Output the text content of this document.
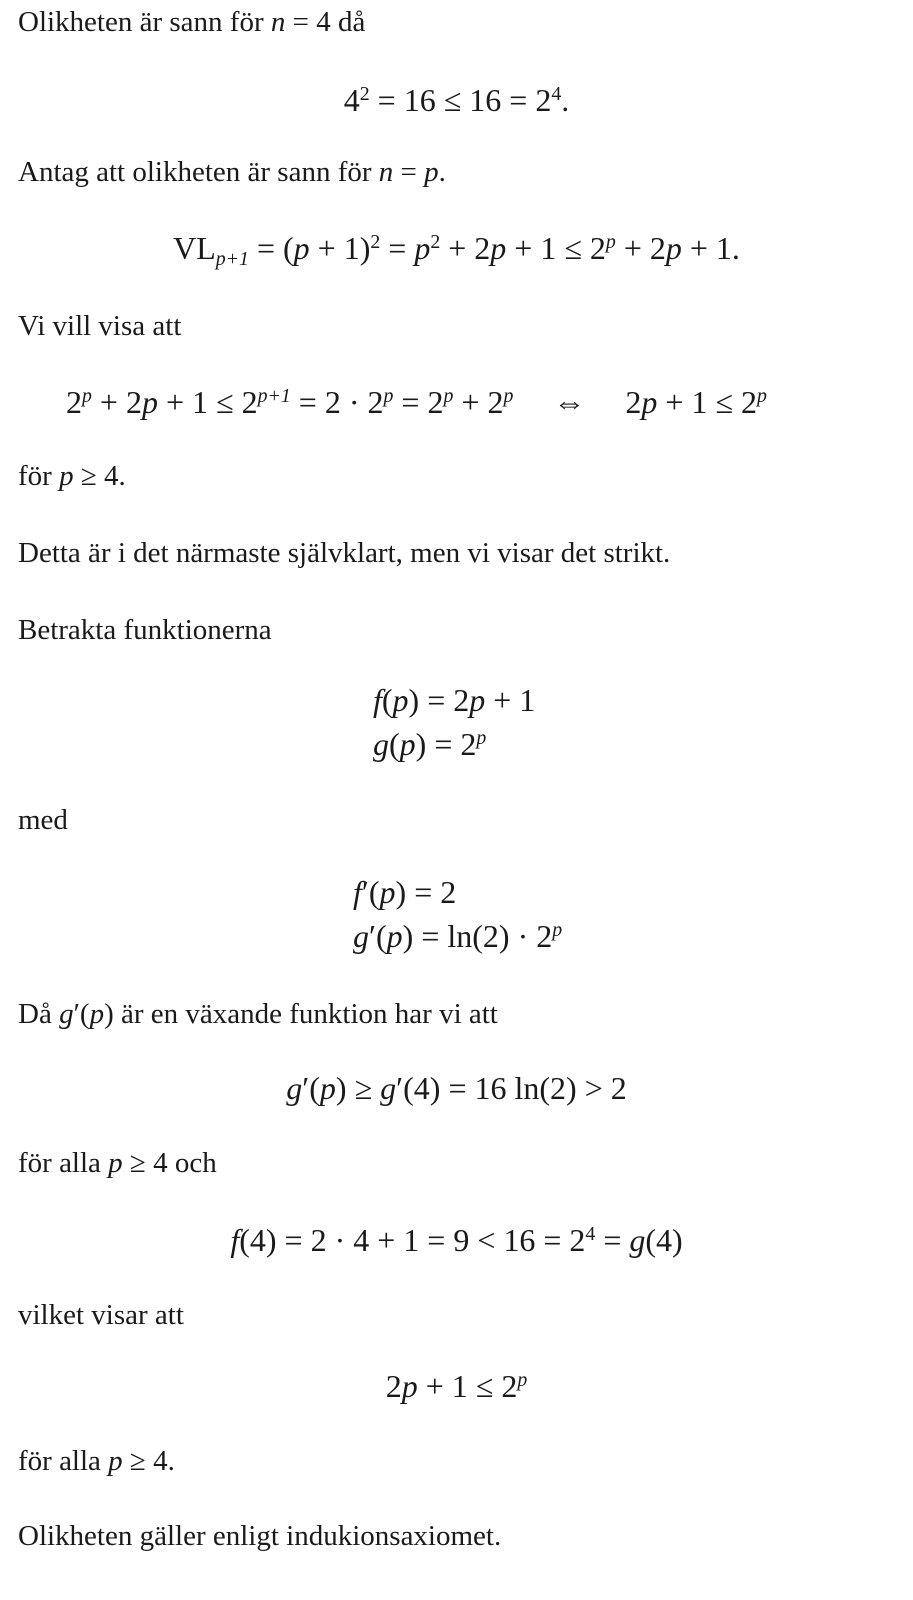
Olikheten är sann för n = 4 då
$4^2 = 16 \le 16 = 2^4$.
Antag att olikheten är sann för n = p.
$VL_{p+1} = (p + 1)^2 = p^2 + 2p + 1 \le 2^p + 2p + 1$.
Vi vill visa att
$2^p + 2p + 1 \le 2^{p+1} = 2 \cdot 2^p = 2^p + 2^p$ ⇔ $2p + 1 \le 2^p$
för p ≥ 4.
Detta är i det närmaste självklart, men vi visar det strikt.
Betrakta funktionerna
f(p) = 2p + 1
$g(p) = 2^p$
med
f′(p) = 2
$g'(p) = \ln(2) \cdot 2^p$
Då g′(p) är en växande funktion har vi att
g′(p) ≥ g′(4) = 16 ln(2) > 2
för alla p ≥ 4 och
$f(4) = 2 \cdot 4 + 1 = 9 < 16 = 2^4 = g(4)$
vilket visar att
$2p + 1 \le 2^p$
för alla p ≥ 4.
Olikheten gäller enligt indukionsaxiomet.
